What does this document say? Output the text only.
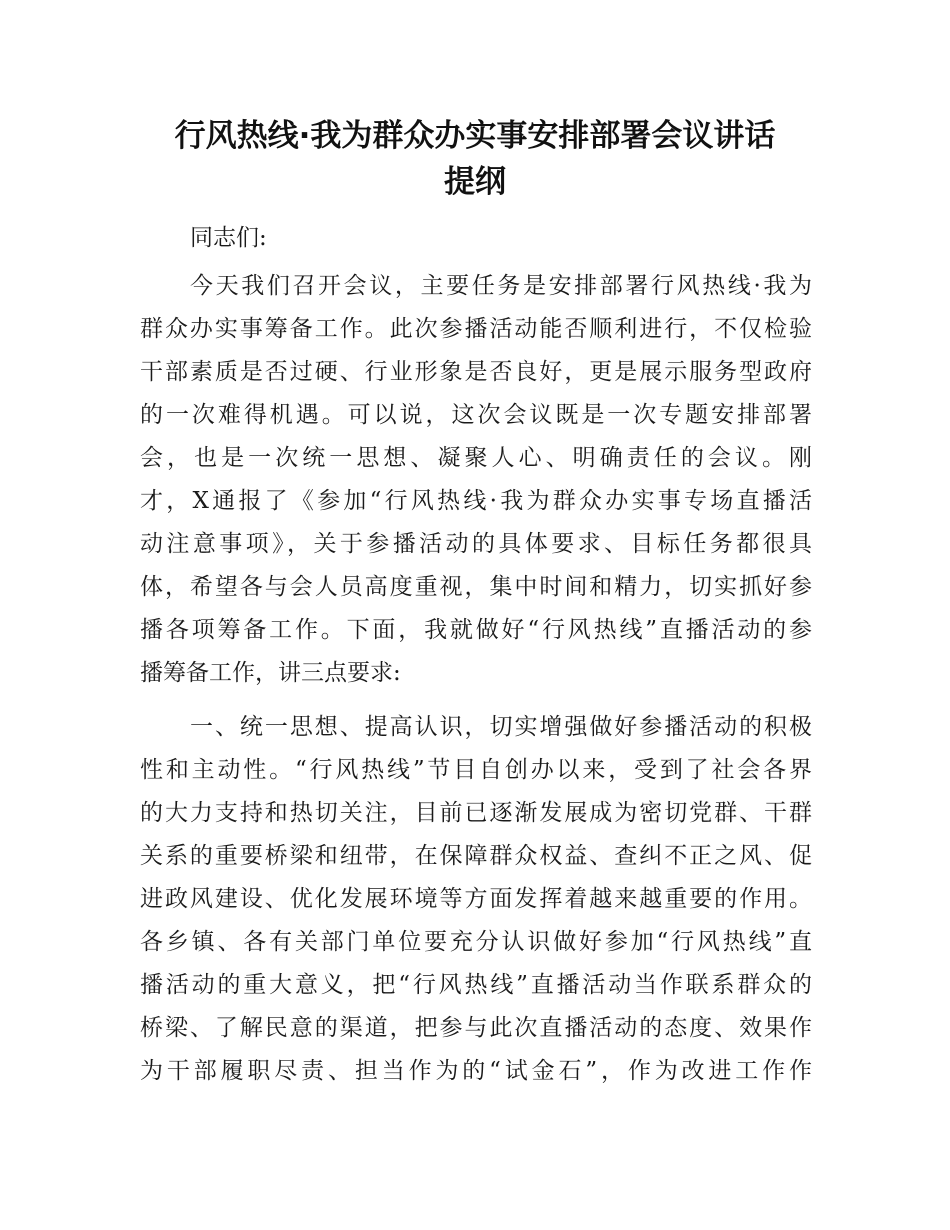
行风热线·我为群众办实事安排部署会议讲话
提纲
同志们:
今天我们召开会议，主要任务是安排部署行风热线·我为
群众办实事筹备工作。此次参播活动能否顺利进行，不仅检验
干部素质是否过硬、行业形象是否良好，更是展示服务型政府
的一次难得机遇。可以说，这次会议既是一次专题安排部署
会，也是一次统一思想、凝聚人心、明确责任的会议。刚
才，X通报了《参加“行风热线·我为群众办实事专场直播活
动注意事项》，关于参播活动的具体要求、目标任务都很具
体，希望各与会人员高度重视，集中时间和精力，切实抓好参
播各项筹备工作。下面，我就做好“行风热线”直播活动的参
播筹备工作，讲三点要求:
一、统一思想、提高认识，切实增强做好参播活动的积极
性和主动性。“行风热线”节目自创办以来，受到了社会各界
的大力支持和热切关注，目前已逐渐发展成为密切党群、干群
关系的重要桥梁和纽带，在保障群众权益、查纠不正之风、促
进政风建设、优化发展环境等方面发挥着越来越重要的作用。
各乡镇、各有关部门单位要充分认识做好参加“行风热线”直
播活动的重大意义，把“行风热线”直播活动当作联系群众的
桥梁、了解民意的渠道，把参与此次直播活动的态度、效果作
为干部履职尽责、担当作为的“试金石”，作为改进工作作
